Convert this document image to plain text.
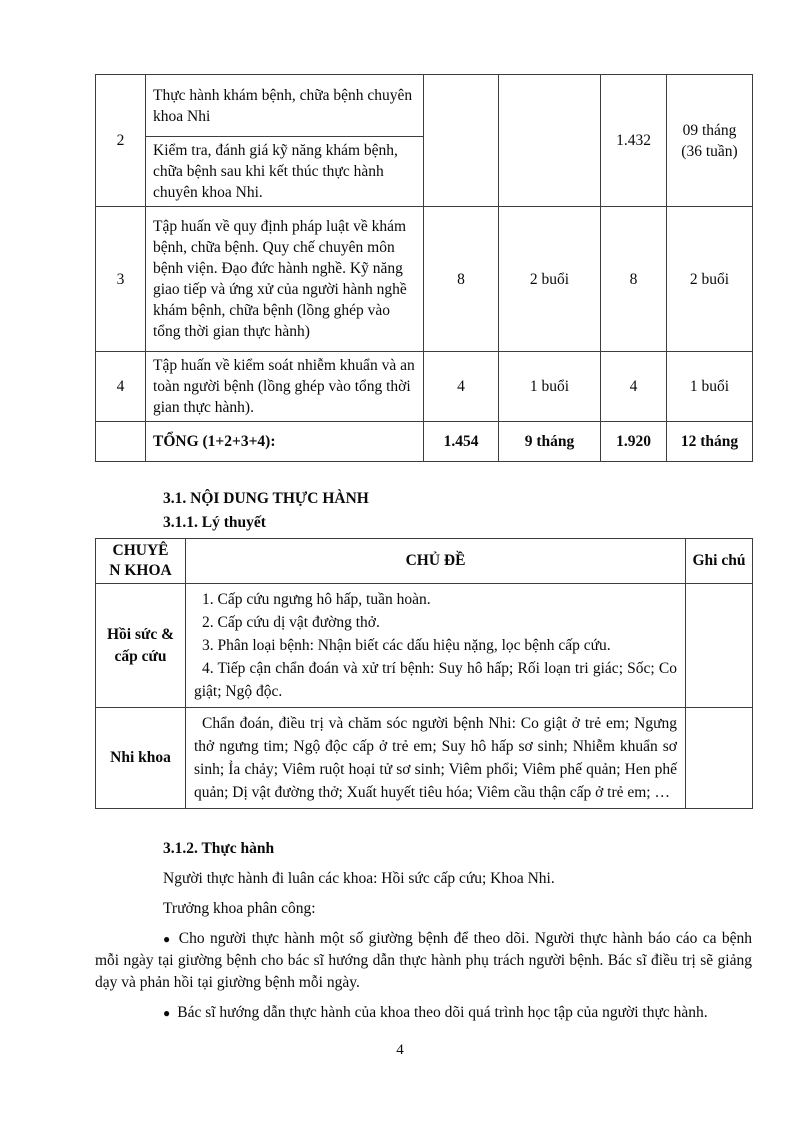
2	Thực hành khám bệnh, chữa bệnh chuyên khoa Nhi			1.432	09 tháng (36 tuần)
	Kiểm tra, đánh giá kỹ năng khám bệnh, chữa bệnh sau khi kết thúc thực hành chuyên khoa Nhi.				
3	Tập huấn về quy định pháp luật về khám bệnh, chữa bệnh. Quy chế chuyên môn bệnh viện. Đạo đức hành nghề. Kỹ năng giao tiếp và ứng xử của người hành nghề khám bệnh, chữa bệnh (lồng ghép vào tổng thời gian thực hành)	8	2 buổi	8	2 buổi
4	Tập huấn về kiểm soát nhiễm khuẩn và an toàn người bệnh (lồng ghép vào tổng thời gian thực hành).	4	1 buổi	4	1 buổi
	TỔNG (1+2+3+4):	1.454	9 tháng	1.920	12 tháng

3.1. NỘI DUNG THỰC HÀNH

3.1.1. Lý thuyết

CHUYÊ
N KHOA	CHỦ ĐỀ	Ghi chú
Hồi sức & cấp cứu	1. Cấp cứu ngưng hô hấp, tuần hoàn.
2. Cấp cứu dị vật đường thở.
3. Phân loại bệnh: Nhận biết các dấu hiệu nặng, lọc bệnh cấp cứu.
4. Tiếp cận chẩn đoán và xử trí bệnh: Suy hô hấp; Rối loạn tri giác; Sốc; Co giật; Ngộ độc.	

Nhi khoa	Chẩn đoán, điều trị và chăm sóc người bệnh Nhi: Co giật ở trẻ em; Ngưng thở ngưng tim; Ngộ độc cấp ở trẻ em; Suy hô hấp sơ sinh; Nhiễm khuẩn sơ sinh; Ỉa chảy; Viêm ruột hoại tử sơ sinh; Viêm phổi; Viêm phế quản; Hen phế quản; Dị vật đường thở; Xuất huyết tiêu hóa; Viêm cầu thận cấp ở trẻ em; …	

3.1.2. Thực hành

Người thực hành đi luân các khoa: Hồi sức cấp cứu; Khoa Nhi.

Trưởng khoa phân công:

● Cho người thực hành một số giường bệnh để theo dõi. Người thực hành báo cáo ca bệnh mỗi ngày tại giường bệnh cho bác sĩ hướng dẫn thực hành phụ trách người bệnh. Bác sĩ điều trị sẽ giảng dạy và phản hồi tại giường bệnh mỗi ngày.

● Bác sĩ hướng dẫn thực hành của khoa theo dõi quá trình học tập của người thực hành.

4
